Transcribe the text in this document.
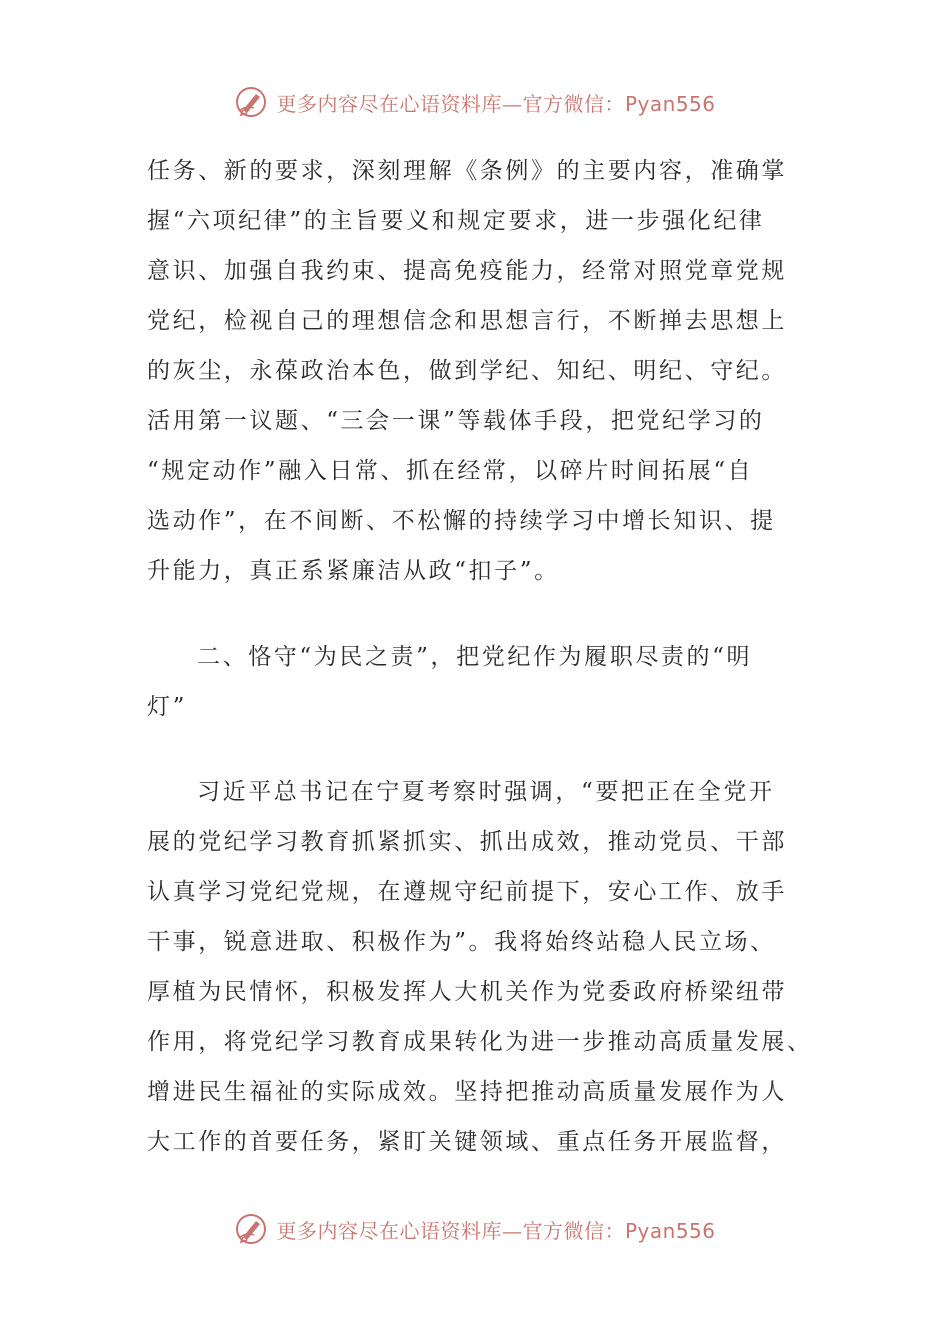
更多内容尽在心语资料库—官方微信：Pyan556

任务、新的要求，深刻理解《条例》的主要内容，准确掌
握“六项纪律”的主旨要义和规定要求，进一步强化纪律
意识、加强自我约束、提高免疫能力，经常对照党章党规
党纪，检视自己的理想信念和思想言行，不断掸去思想上
的灰尘，永葆政治本色，做到学纪、知纪、明纪、守纪。
活用第一议题、“三会一课”等载体手段，把党纪学习的
“规定动作”融入日常、抓在经常，以碎片时间拓展“自
选动作”，在不间断、不松懈的持续学习中增长知识、提
升能力，真正系紧廉洁从政“扣子”。

二、恪守“为民之责”，把党纪作为履职尽责的“明
灯”

习近平总书记在宁夏考察时强调，“要把正在全党开
展的党纪学习教育抓紧抓实、抓出成效，推动党员、干部
认真学习党纪党规，在遵规守纪前提下，安心工作、放手
干事，锐意进取、积极作为”。我将始终站稳人民立场、
厚植为民情怀，积极发挥人大机关作为党委政府桥梁纽带
作用，将党纪学习教育成果转化为进一步推动高质量发展、
增进民生福祉的实际成效。坚持把推动高质量发展作为人
大工作的首要任务，紧盯关键领域、重点任务开展监督，

更多内容尽在心语资料库—官方微信：Pyan556
